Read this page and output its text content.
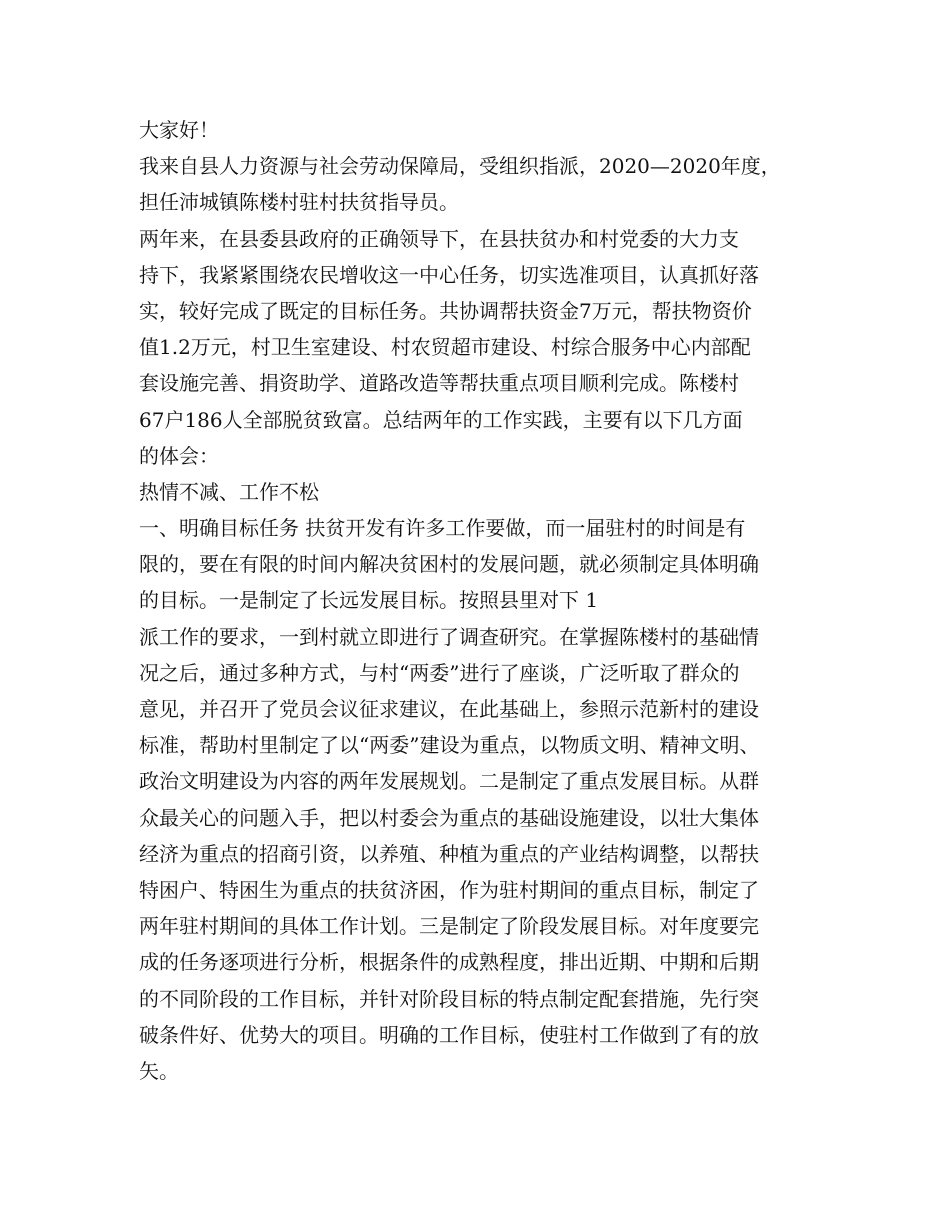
大家好！
我来自县人力资源与社会劳动保障局，受组织指派，2020—2020年度，
担任沛城镇陈楼村驻村扶贫指导员。
两年来，在县委县政府的正确领导下，在县扶贫办和村党委的大力支
持下，我紧紧围绕农民增收这一中心任务，切实选准项目，认真抓好落
实，较好完成了既定的目标任务。共协调帮扶资金7万元，帮扶物资价
值1.2万元，村卫生室建设、村农贸超市建设、村综合服务中心内部配
套设施完善、捐资助学、道路改造等帮扶重点项目顺利完成。陈楼村
67户186人全部脱贫致富。总结两年的工作实践，主要有以下几方面
的体会：
热情不减、工作不松
一、明确目标任务 扶贫开发有许多工作要做，而一届驻村的时间是有
限的，要在有限的时间内解决贫困村的发展问题，就必须制定具体明确
的目标。一是制定了长远发展目标。按照县里对下 1
派工作的要求，一到村就立即进行了调查研究。在掌握陈楼村的基础情
况之后，通过多种方式，与村“两委”进行了座谈，广泛听取了群众的
意见，并召开了党员会议征求建议，在此基础上，参照示范新村的建设
标准，帮助村里制定了以“两委”建设为重点，以物质文明、精神文明、
政治文明建设为内容的两年发展规划。二是制定了重点发展目标。从群
众最关心的问题入手，把以村委会为重点的基础设施建设，以壮大集体
经济为重点的招商引资，以养殖、种植为重点的产业结构调整，以帮扶
特困户、特困生为重点的扶贫济困，作为驻村期间的重点目标，制定了
两年驻村期间的具体工作计划。三是制定了阶段发展目标。对年度要完
成的任务逐项进行分析，根据条件的成熟程度，排出近期、中期和后期
的不同阶段的工作目标，并针对阶段目标的特点制定配套措施，先行突
破条件好、优势大的项目。明确的工作目标，使驻村工作做到了有的放
矢。
